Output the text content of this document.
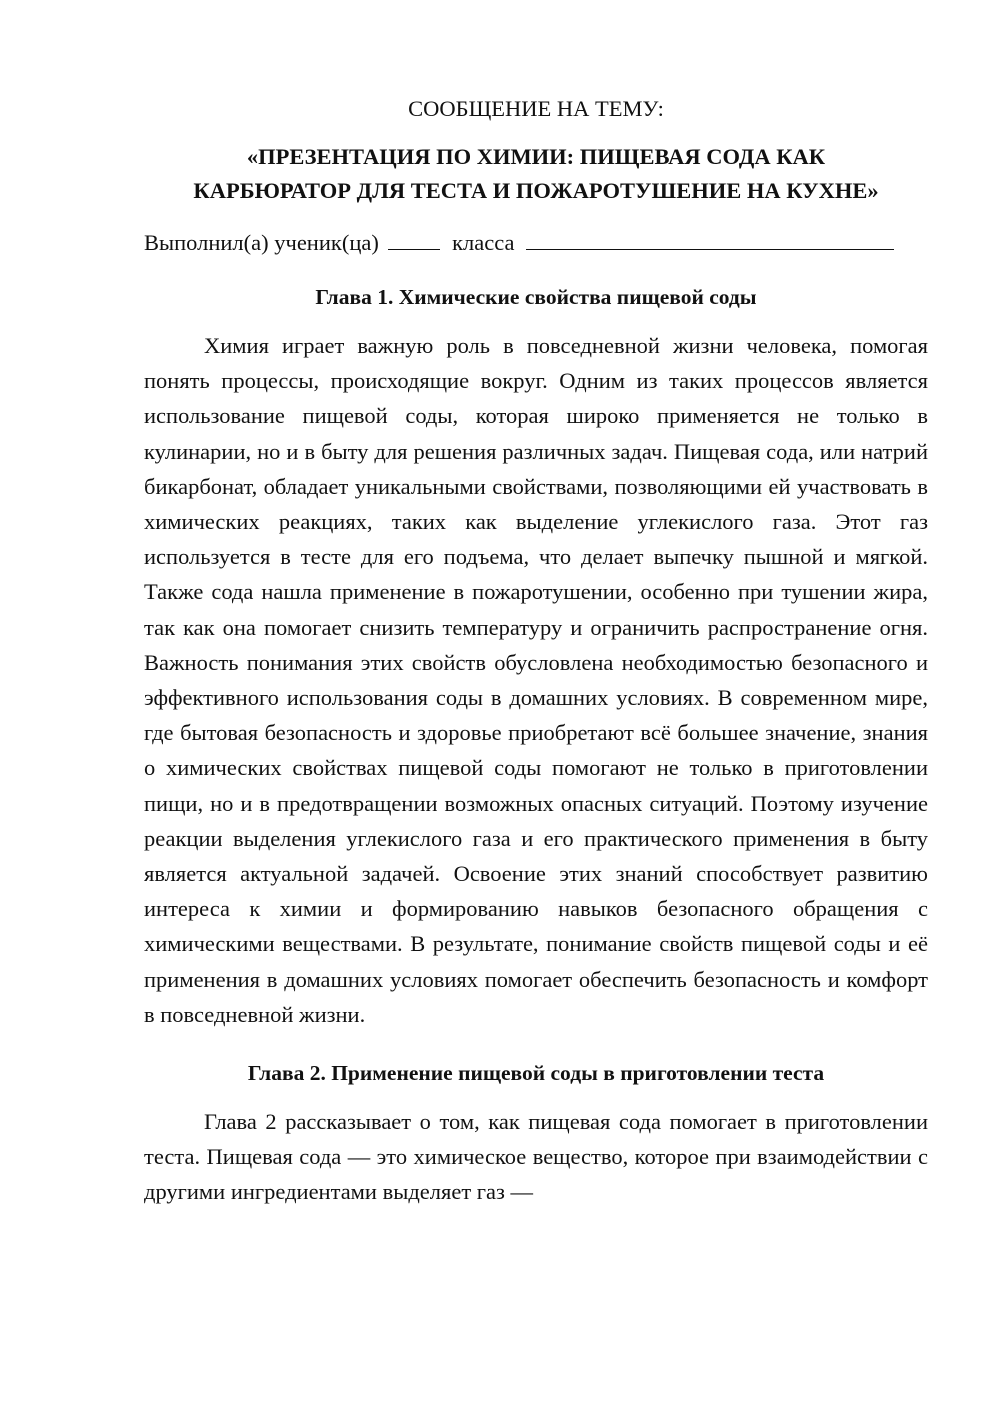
СООБЩЕНИЕ НА ТЕМУ:
«ПРЕЗЕНТАЦИЯ ПО ХИМИИ: ПИЩЕВАЯ СОДА КАК
КАРБЮРАТОР ДЛЯ ТЕСТА И ПОЖАРОТУШЕНИЕ НА КУХНЕ»
Выполнил(а) ученик(ца)	класса
Глава 1. Химические свойства пищевой соды

Химия играет важную роль в повседневной жизни человека, помогая понять процессы, происходящие вокруг. Одним из таких процессов является использование пищевой соды, которая широко применяется не только в кулинарии, но и в быту для решения различных задач. Пищевая сода, или натрий бикарбонат, обладает уникальными свойствами, позволяющими ей участвовать в химических реакциях, таких как выделение углекислого газа. Этот газ используется в тесте для его подъема, что делает выпечку пышной и мягкой. Также сода нашла применение в пожаротушении, особенно при тушении жира, так как она помогает снизить температуру и ограничить распространение огня. Важность понимания этих свойств обусловлена необходимостью безопасного и эффективного использования соды в домашних условиях. В современном мире, где бытовая безопасность и здоровье приобретают всё большее значение, знания о химических свойствах пищевой соды помогают не только в приготовлении пищи, но и в предотвращении возможных опасных ситуаций. Поэтому изучение реакции выделения углекислого газа и его практического применения в быту является актуальной задачей. Освоение этих знаний способствует развитию интереса к химии и формированию навыков безопасного обращения с химическими веществами. В результате, понимание свойств пищевой соды и её применения в домашних условиях помогает обеспечить безопасность и комфорт в повседневной жизни.

Глава 2. Применение пищевой соды в приготовлении теста

Глава 2 рассказывает о том, как пищевая сода помогает в приготовлении теста. Пищевая сода — это химическое вещество, которое при взаимодействии с другими ингредиентами выделяет газ —
